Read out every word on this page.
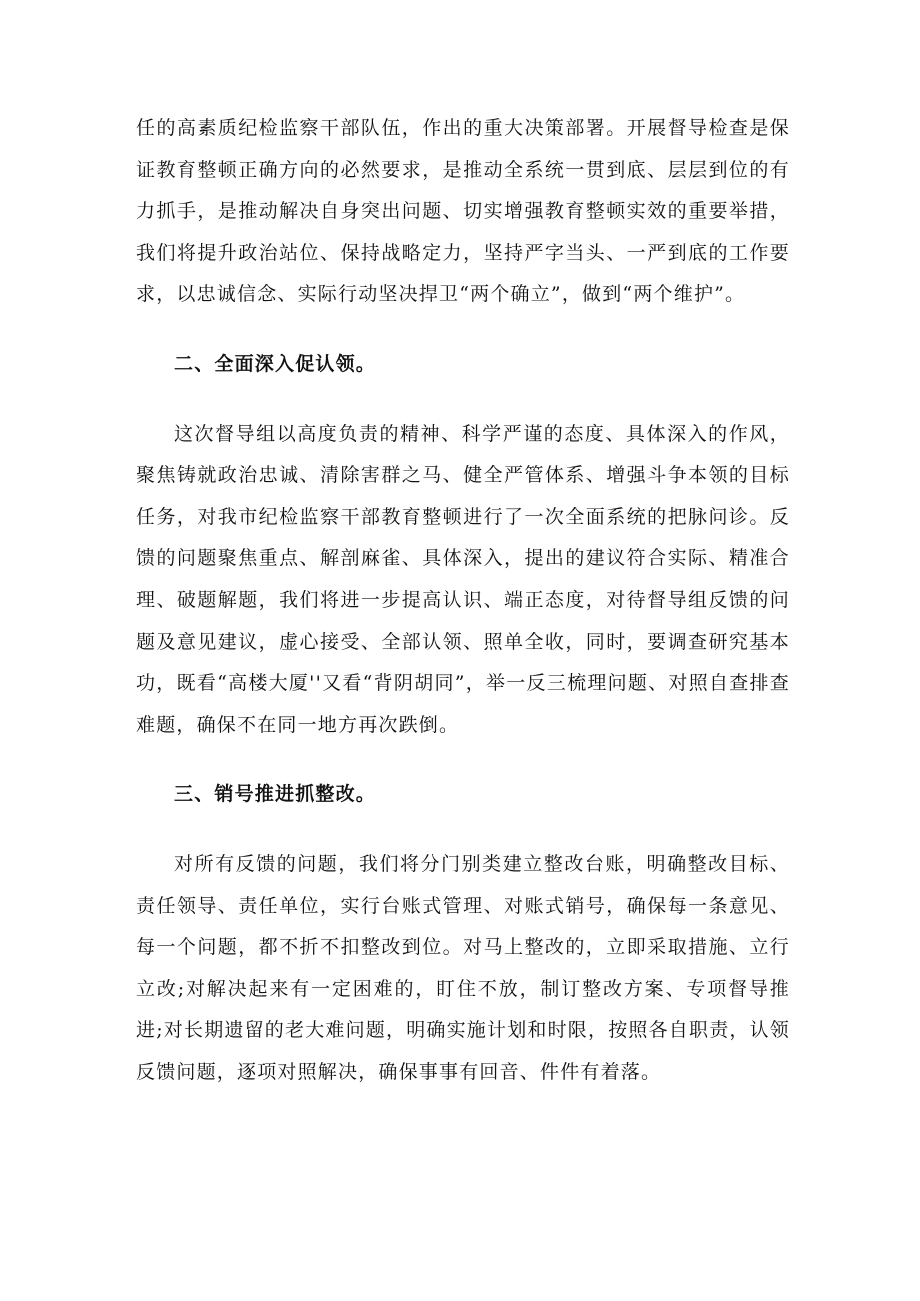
任的高素质纪检监察干部队伍，作出的重大决策部署。开展督导检查是保证教育整顿正确方向的必然要求，是推动全系统一贯到底、层层到位的有力抓手，是推动解决自身突出问题、切实增强教育整顿实效的重要举措，我们将提升政治站位、保持战略定力，坚持严字当头、一严到底的工作要求，以忠诚信念、实际行动坚决捍卫“两个确立”，做到“两个维护”。

二、全面深入促认领。

这次督导组以高度负责的精神、科学严谨的态度、具体深入的作风，聚焦铸就政治忠诚、清除害群之马、健全严管体系、增强斗争本领的目标任务，对我市纪检监察干部教育整顿进行了一次全面系统的把脉问诊。反馈的问题聚焦重点、解剖麻雀、具体深入，提出的建议符合实际、精准合理、破题解题，我们将进一步提高认识、端正态度，对待督导组反馈的问题及意见建议，虚心接受、全部认领、照单全收，同时，要调查研究基本功，既看“高楼大厦''又看“背阴胡同”，举一反三梳理问题、对照自查排查难题，确保不在同一地方再次跌倒。

三、销号推进抓整改。

对所有反馈的问题，我们将分门别类建立整改台账，明确整改目标、责任领导、责任单位，实行台账式管理、对账式销号，确保每一条意见、每一个问题，都不折不扣整改到位。对马上整改的，立即采取措施、立行立改;对解决起来有一定困难的，盯住不放，制订整改方案、专项督导推进;对长期遗留的老大难问题，明确实施计划和时限，按照各自职责，认领反馈问题，逐项对照解决，确保事事有回音、件件有着落。
